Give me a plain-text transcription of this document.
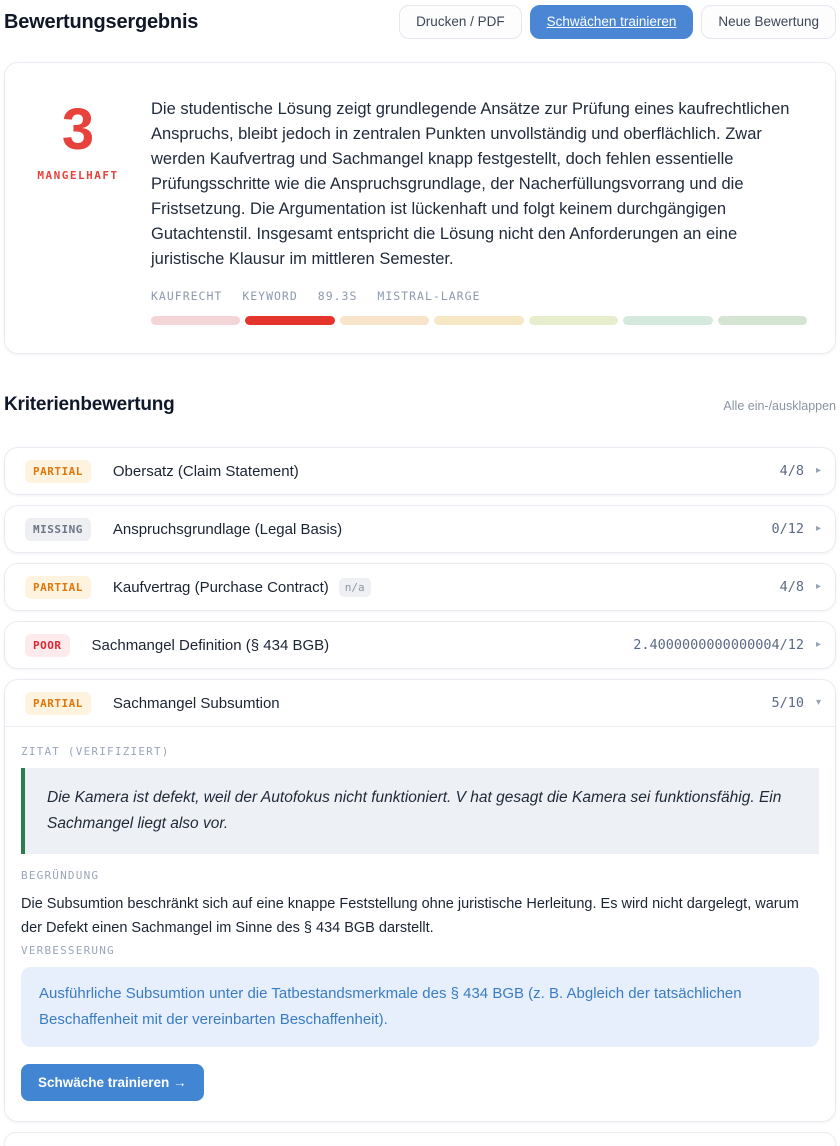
Bewertungsergebnis	Drucken / PDF	Schwächen trainieren	Neue Bewertung
3
MANGELHAFT

Die studentische Lösung zeigt grundlegende Ansätze zur Prüfung eines kaufrechtlichen Anspruchs, bleibt jedoch in zentralen Punkten unvollständig und oberflächlich. Zwar werden Kaufvertrag und Sachmangel knapp festgestellt, doch fehlen essentielle Prüfungsschritte wie die Anspruchsgrundlage, der Nacherfüllungsvorrang und die Fristsetzung. Die Argumentation ist lückenhaft und folgt keinem durchgängigen Gutachtenstil. Insgesamt entspricht die Lösung nicht den Anforderungen an eine juristische Klausur im mittleren Semester.

KAUFRECHT KEYWORD 89.3S MISTRAL-LARGE
Kriterienbewertung	Alle ein-/ausklappen
PARTIAL	Obersatz (Claim Statement)	4/8 ▸
MISSING	Anspruchsgrundlage (Legal Basis)	0/12 ▸
PARTIAL	Kaufvertrag (Purchase Contract)	n/a	4/8 ▸
POOR	Sachmangel Definition (§ 434 BGB)	2.4000000000000004/12 ▸
PARTIAL	Sachmangel Subsumtion	5/10 ▾
ZITAT (VERIFIZIERT)

Die Kamera ist defekt, weil der Autofokus nicht funktioniert. V hat gesagt die Kamera sei funktionsfähig. Ein Sachmangel liegt also vor.

BEGRÜNDUNG

Die Subsumtion beschränkt sich auf eine knappe Feststellung ohne juristische Herleitung. Es wird nicht dargelegt, warum der Defekt einen Sachmangel im Sinne des § 434 BGB darstellt.

VERBESSERUNG

Ausführliche Subsumtion unter die Tatbestandsmerkmale des § 434 BGB (z. B. Abgleich der tatsächlichen Beschaffenheit mit der vereinbarten Beschaffenheit).

Schwäche trainieren →
